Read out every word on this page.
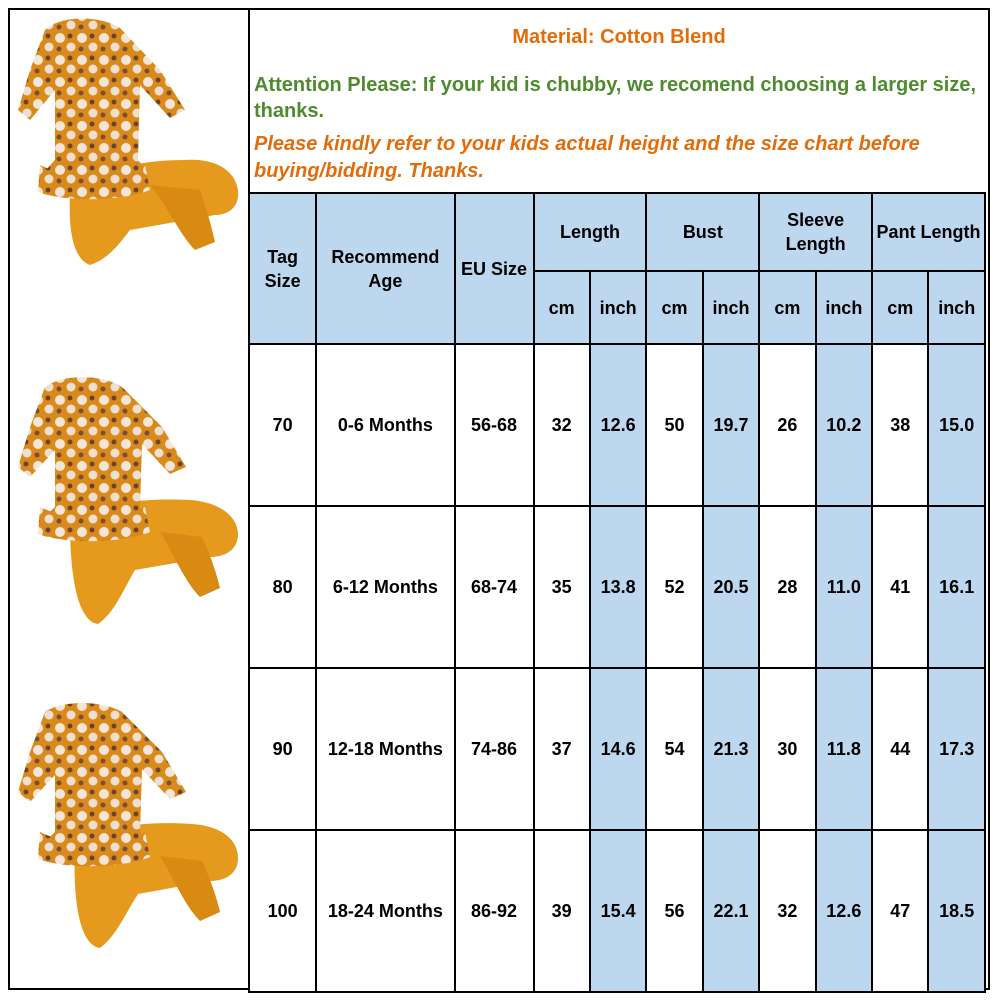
Material: Cotton Blend
Attention Please: If your kid is chubby, we recomend choosing a larger size, thanks.
Please kindly refer to your kids actual height and the size chart before buying/bidding. Thanks.
Tag Size	Recommend Age	EU Size	Length		Bust		Sleeve Length		Pant Length	
			cm	inch	cm	inch	cm	inch	cm	inch
70	0-6 Months	56-68	32	12.6	50	19.7	26	10.2	38	15.0
80	6-12 Months	68-74	35	13.8	52	20.5	28	11.0	41	16.1
90	12-18 Months	74-86	37	14.6	54	21.3	30	11.8	44	17.3
100	18-24 Months	86-92	39	15.4	56	22.1	32	12.6	47	18.5
